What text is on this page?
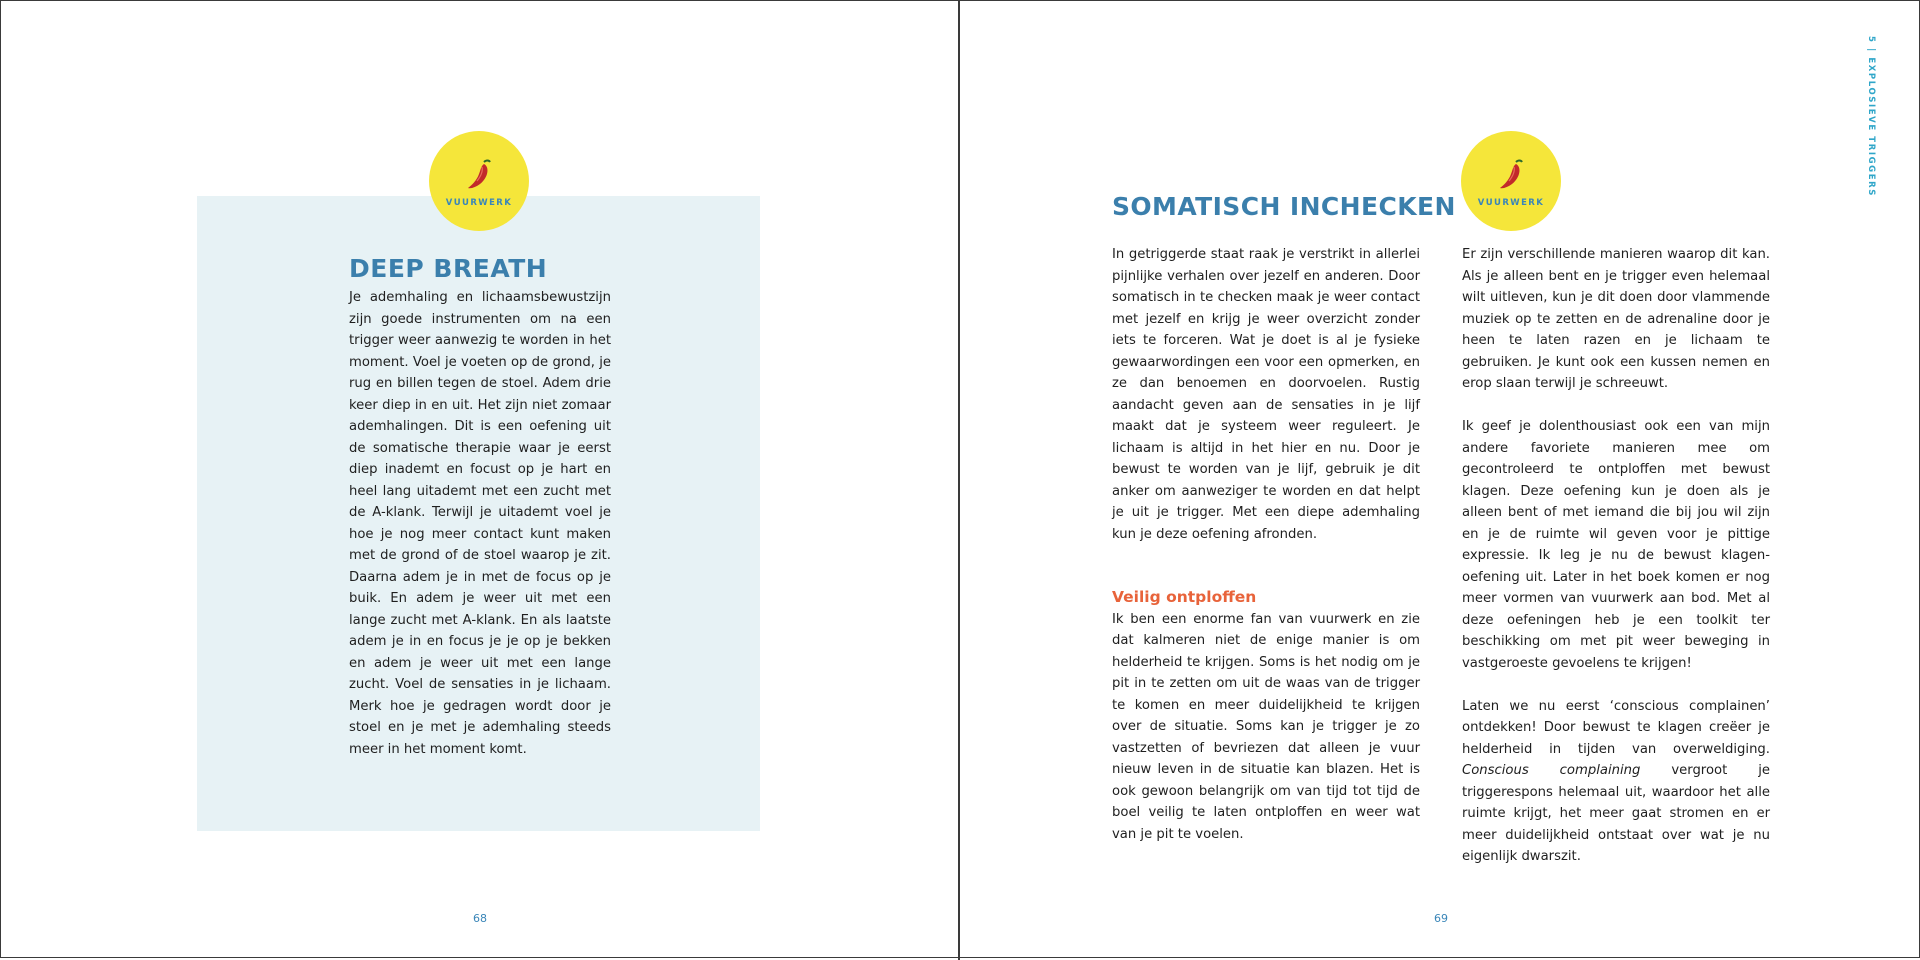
VUURWERK
DEEP BREATH

Je ademhaling en lichaamsbewustzijn zijn goede instrumenten om na een trigger weer aanwezig te worden in het moment. Voel je voeten op de grond, je rug en billen tegen de stoel. Adem drie keer diep in en uit. Het zijn niet zomaar ademhalingen. Dit is een oefening uit de somatische therapie waar je eerst diep inademt en focust op je hart en heel lang uitademt met een zucht met de A-klank. Terwijl je uitademt voel je hoe je nog meer contact kunt maken met de grond of de stoel waarop je zit. Daarna adem je in met de focus op je buik. En adem je weer uit met een lange zucht met A-klank. En als laatste adem je in en focus je je op je bekken en adem je weer uit met een lange zucht. Voel de sensaties in je lichaam. Merk hoe je gedragen wordt door je stoel en je met je ademhaling steeds meer in het moment komt.

68
5 | EXPLOSIEVE TRIGGERS
SOMATISCH INCHECKEN	VUURWERK

In getriggerde staat raak je verstrikt in allerlei pijnlijke verhalen over jezelf en anderen. Door somatisch in te checken maak je weer contact met jezelf en krijg je weer overzicht zonder iets te forceren. Wat je doet is al je fysieke gewaarwordingen een voor een opmerken, en ze dan benoemen en doorvoelen. Rustig aandacht geven aan de sensaties in je lijf maakt dat je systeem weer reguleert. Je lichaam is altijd in het hier en nu. Door je bewust te worden van je lijf, gebruik je dit anker om aanweziger te worden en dat helpt je uit je trigger. Met een diepe ademhaling kun je deze oefening afronden.

Veilig ontploffen

Ik ben een enorme fan van vuurwerk en zie dat kalmeren niet de enige manier is om helderheid te krijgen. Soms is het nodig om je pit in te zetten om uit de waas van de trigger te komen en meer duidelijkheid te krijgen over de situatie. Soms kan je trigger je zo vastzetten of bevriezen dat alleen je vuur nieuw leven in de situatie kan blazen. Het is ook gewoon belangrijk om van tijd tot tijd de boel veilig te laten ontploffen en weer wat van je pit te voelen.

Er zijn verschillende manieren waarop dit kan. Als je alleen bent en je trigger even helemaal wilt uitleven, kun je dit doen door vlammende muziek op te zetten en de adrenaline door je heen te laten razen en je lichaam te gebruiken. Je kunt ook een kussen nemen en erop slaan terwijl je schreeuwt.

Ik geef je dolenthousiast ook een van mijn andere favoriete manieren mee om gecontroleerd te ontploffen met bewust klagen. Deze oefening kun je doen als je alleen bent of met iemand die bij jou wil zijn en je de ruimte wil geven voor je pittige expressie. Ik leg je nu de bewust klagen-oefening uit. Later in het boek komen er nog meer vormen van vuurwerk aan bod. Met al deze oefeningen heb je een toolkit ter beschikking om met pit weer beweging in vastgeroeste gevoelens te krijgen!

Laten we nu eerst ‘conscious complainen’ ontdekken! Door bewust te klagen creëer je helderheid in tijden van overweldiging. Conscious complaining vergroot je triggerespons helemaal uit, waardoor het alle ruimte krijgt, het meer gaat stromen en er meer duidelijkheid ontstaat over wat je nu eigenlijk dwarszit.

69
